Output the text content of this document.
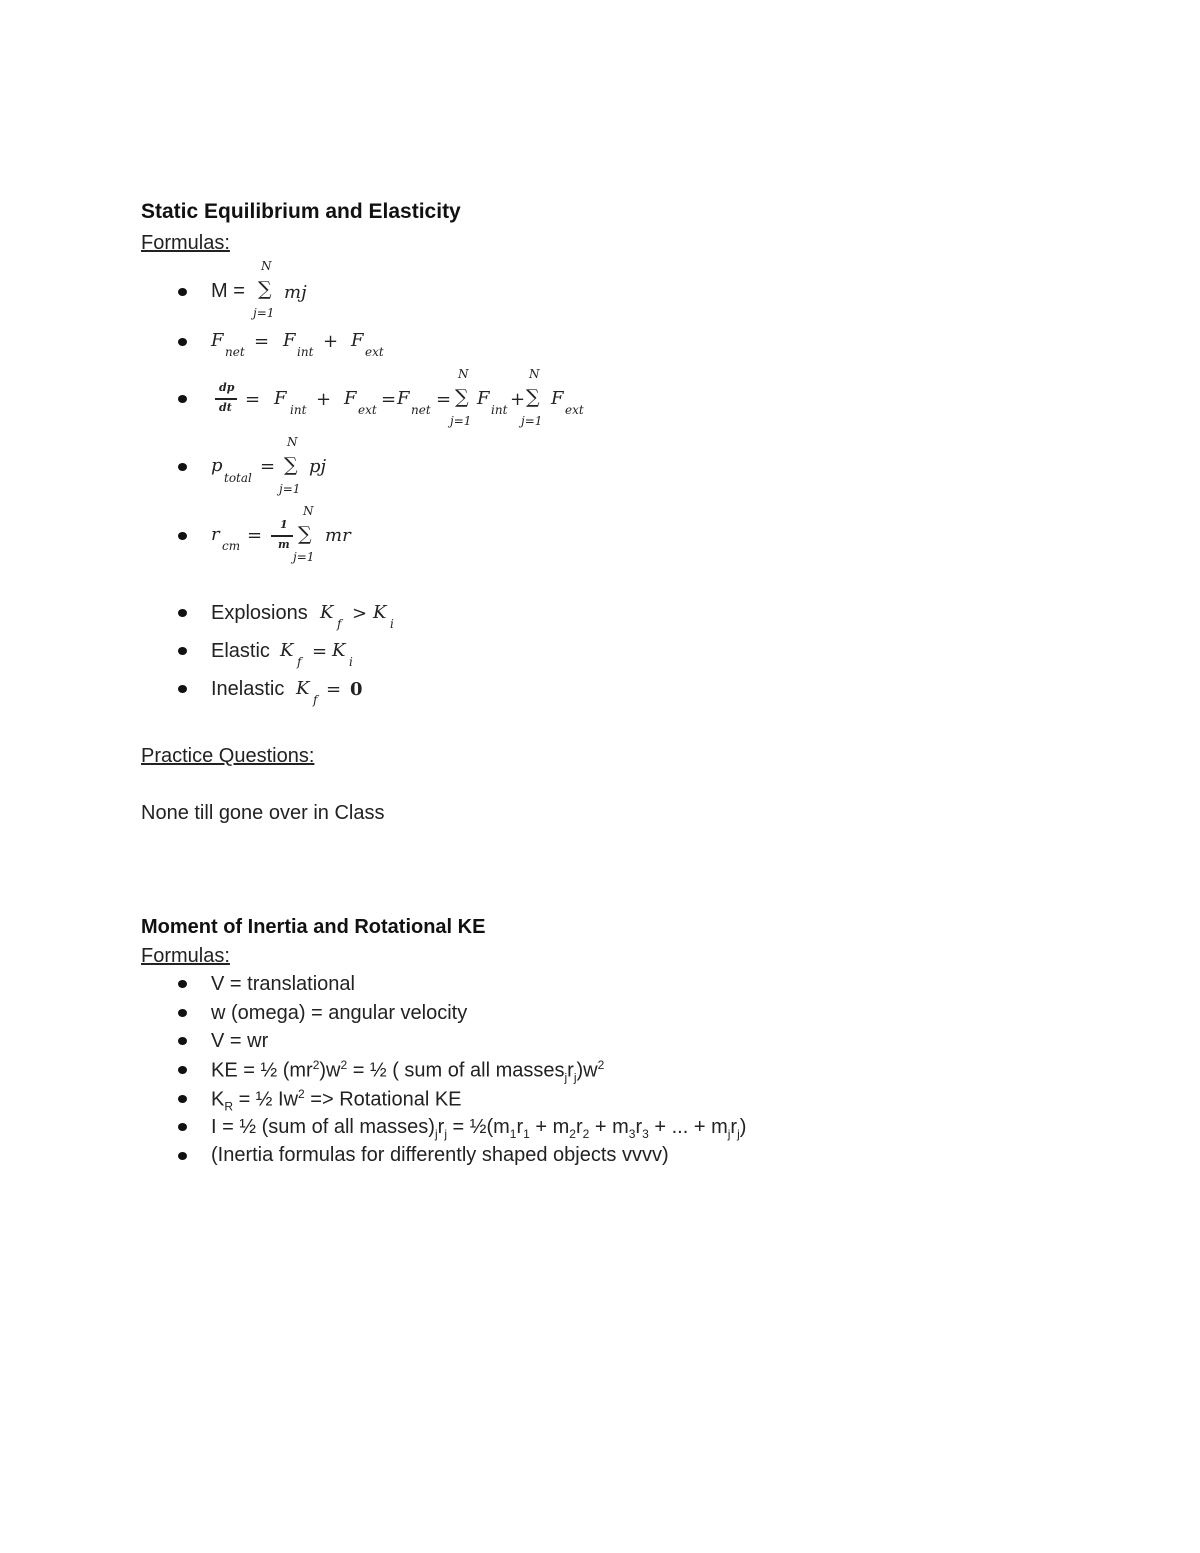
Static Equilibrium and Elasticity
Formulas:
M =
N
∑
j=1
mj
F
net = F
int + F
ext
dp
dt = F
int + F
ext = F
net =
N
∑
j=1
F
int +
N
∑
j=1
F
ext
p
total
=
N
∑
j=1
pj
r
cm =
1
m
N
∑
j=1
mr
Explosions K
f > K
i
Elastic K
f = K
i
Inelastic K
f = 0
Practice Questions:
None till gone over in Class
Moment of Inertia and Rotational KE
Formulas:
V = translational
w (omega) = angular velocity
V = wr
KE = ½ $(mr^2)w^2$ = ½ ( sum of all $masses_jr_j)w^2$
$K_R$ = ½ $Iw^2$ => Rotational KE
I = ½ (sum of all $masses)_jr_j$ = $\frac{1}{2}(m_1r_1 + m_2r_2 + m_3r_3$ + ... + $m_jr_j$)
(Inertia formulas for differently shaped objects vvvv)
